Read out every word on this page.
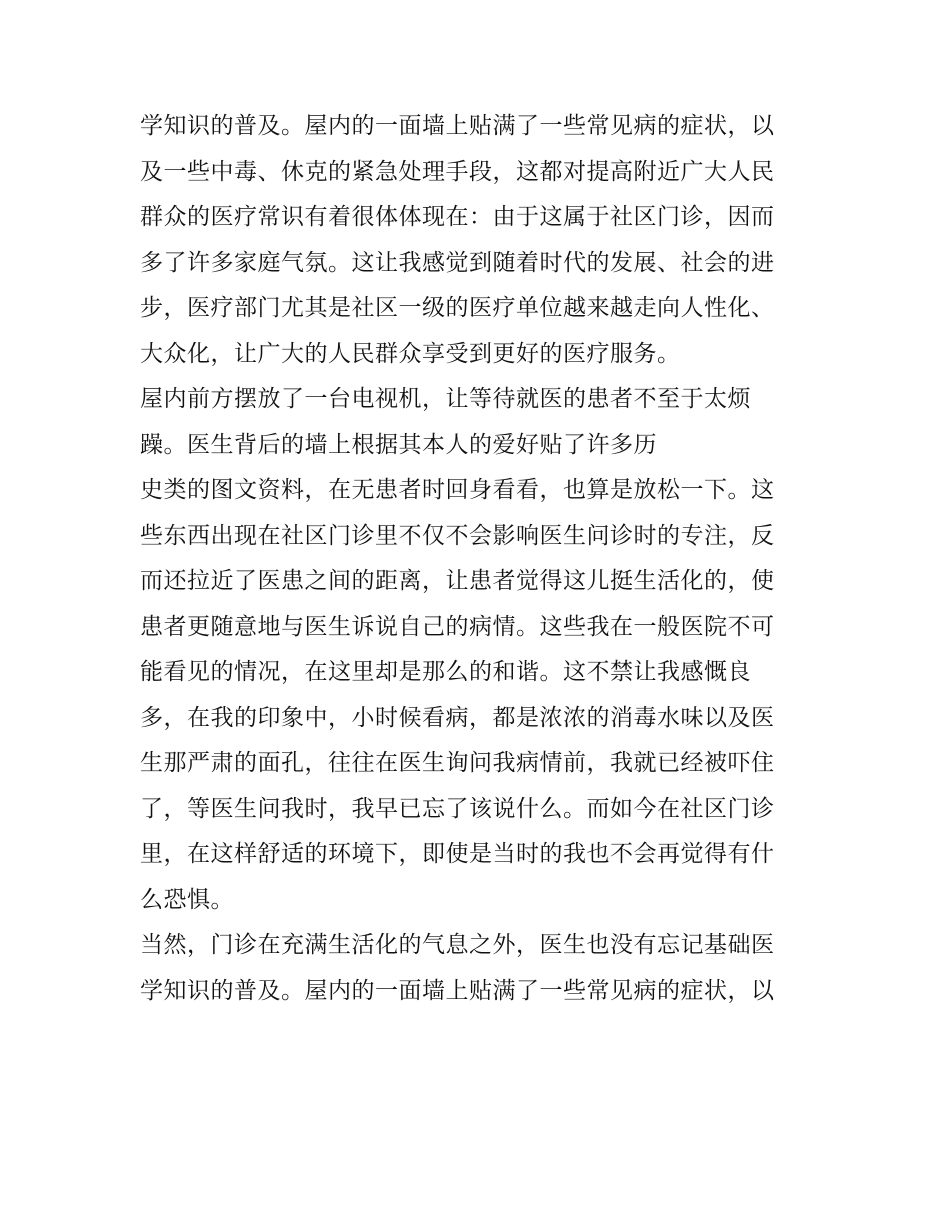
学知识的普及。屋内的一面墙上贴满了一些常见病的症状，以
及一些中毒、休克的紧急处理手段，这都对提高附近广大人民
群众的医疗常识有着很体体现在：由于这属于社区门诊，因而
多了许多家庭气氛。这让我感觉到随着时代的发展、社会的进
步，医疗部门尤其是社区一级的医疗单位越来越走向人性化、
大众化，让广大的人民群众享受到更好的医疗服务。
屋内前方摆放了一台电视机，让等待就医的患者不至于太烦
躁。医生背后的墙上根据其本人的爱好贴了许多历
史类的图文资料，在无患者时回身看看，也算是放松一下。这
些东西出现在社区门诊里不仅不会影响医生问诊时的专注，反
而还拉近了医患之间的距离，让患者觉得这儿挺生活化的，使
患者更随意地与医生诉说自己的病情。这些我在一般医院不可
能看见的情况，在这里却是那么的和谐。这不禁让我感慨良
多，在我的印象中，小时候看病，都是浓浓的消毒水味以及医
生那严肃的面孔，往往在医生询问我病情前，我就已经被吓住
了，等医生问我时，我早已忘了该说什么。而如今在社区门诊
里，在这样舒适的环境下，即使是当时的我也不会再觉得有什
么恐惧。
当然，门诊在充满生活化的气息之外，医生也没有忘记基础医
学知识的普及。屋内的一面墙上贴满了一些常见病的症状，以
